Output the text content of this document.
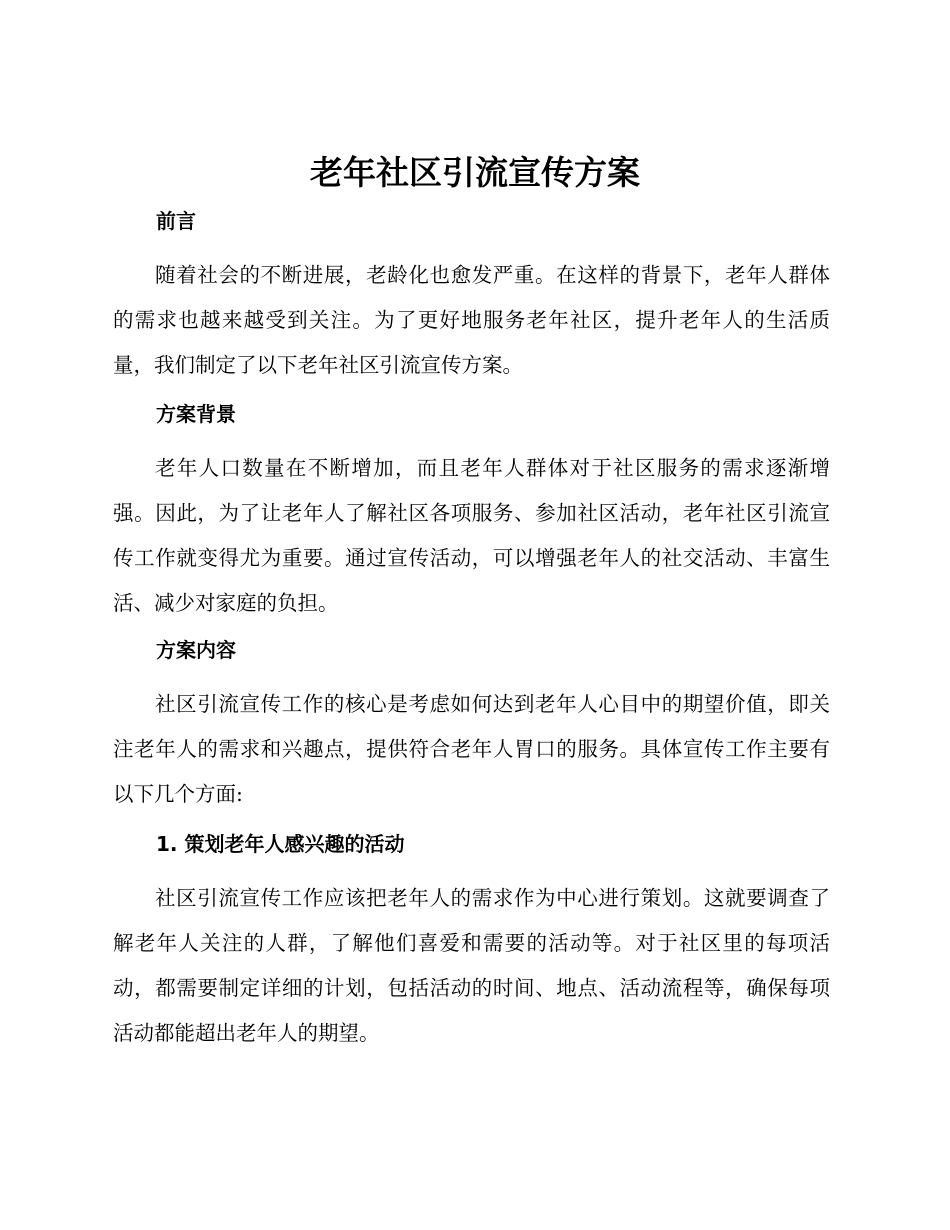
老年社区引流宣传方案
前言

随着社会的不断进展，老龄化也愈发严重。在这样的背景下，老年人群体的需求也越来越受到关注。为了更好地服务老年社区，提升老年人的生活质量，我们制定了以下老年社区引流宣传方案。

方案背景

老年人口数量在不断增加，而且老年人群体对于社区服务的需求逐渐增强。因此，为了让老年人了解社区各项服务、参加社区活动，老年社区引流宣传工作就变得尤为重要。通过宣传活动，可以增强老年人的社交活动、丰富生活、减少对家庭的负担。

方案内容

社区引流宣传工作的核心是考虑如何达到老年人心目中的期望价值，即关注老年人的需求和兴趣点，提供符合老年人胃口的服务。具体宣传工作主要有以下几个方面:

1. 策划老年人感兴趣的活动

社区引流宣传工作应该把老年人的需求作为中心进行策划。这就要调查了解老年人关注的人群，了解他们喜爱和需要的活动等。对于社区里的每项活动，都需要制定详细的计划，包括活动的时间、地点、活动流程等，确保每项活动都能超出老年人的期望。
